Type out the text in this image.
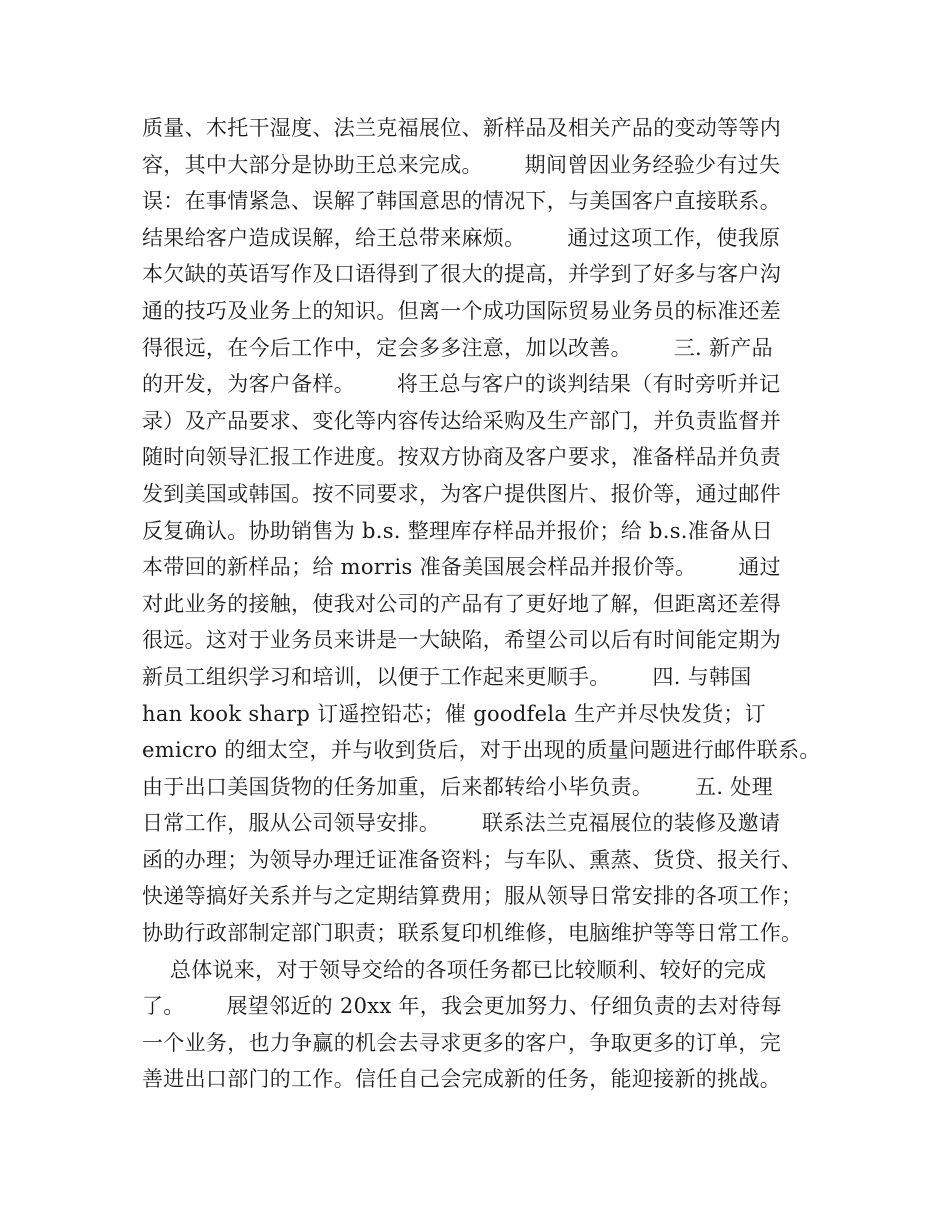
质量、木托干湿度、法兰克福展位、新样品及相关产品的变动等等内
容，其中大部分是协助王总来完成。      期间曾因业务经验少有过失
误：在事情紧急、误解了韩国意思的情况下，与美国客户直接联系。
结果给客户造成误解，给王总带来麻烦。      通过这项工作，使我原
本欠缺的英语写作及口语得到了很大的提高，并学到了好多与客户沟
通的技巧及业务上的知识。但离一个成功国际贸易业务员的标准还差
得很远，在今后工作中，定会多多注意，加以改善。      三. 新产品
的开发，为客户备样。      将王总与客户的谈判结果（有时旁听并记
录）及产品要求、变化等内容传达给采购及生产部门，并负责监督并
随时向领导汇报工作进度。按双方协商及客户要求，准备样品并负责
发到美国或韩国。按不同要求，为客户提供图片、报价等，通过邮件
反复确认。协助销售为 b.s. 整理库存样品并报价；给 b.s.准备从日
本带回的新样品；给 morris 准备美国展会样品并报价等。      通过
对此业务的接触，使我对公司的产品有了更好地了解，但距离还差得
很远。这对于业务员来讲是一大缺陷，希望公司以后有时间能定期为
新员工组织学习和培训，以便于工作起来更顺手。      四. 与韩国
han kook sharp 订遥控铅芯；催 goodfela 生产并尽快发货；订
emicro 的细太空，并与收到货后，对于出现的质量问题进行邮件联系。
由于出口美国货物的任务加重，后来都转给小毕负责。      五. 处理
日常工作，服从公司领导安排。      联系法兰克福展位的装修及邀请
函的办理；为领导办理迁证准备资料；与车队、熏蒸、货贷、报关行、
快递等搞好关系并与之定期结算费用；服从领导日常安排的各项工作；
协助行政部制定部门职责；联系复印机维修，电脑维护等等日常工作。
总体说来，对于领导交给的各项任务都已比较顺利、较好的完成
了。      展望邻近的 20xx 年，我会更加努力、仔细负责的去对待每
一个业务，也力争赢的机会去寻求更多的客户，争取更多的订单，完
善进出口部门的工作。信任自己会完成新的任务，能迎接新的挑战。
